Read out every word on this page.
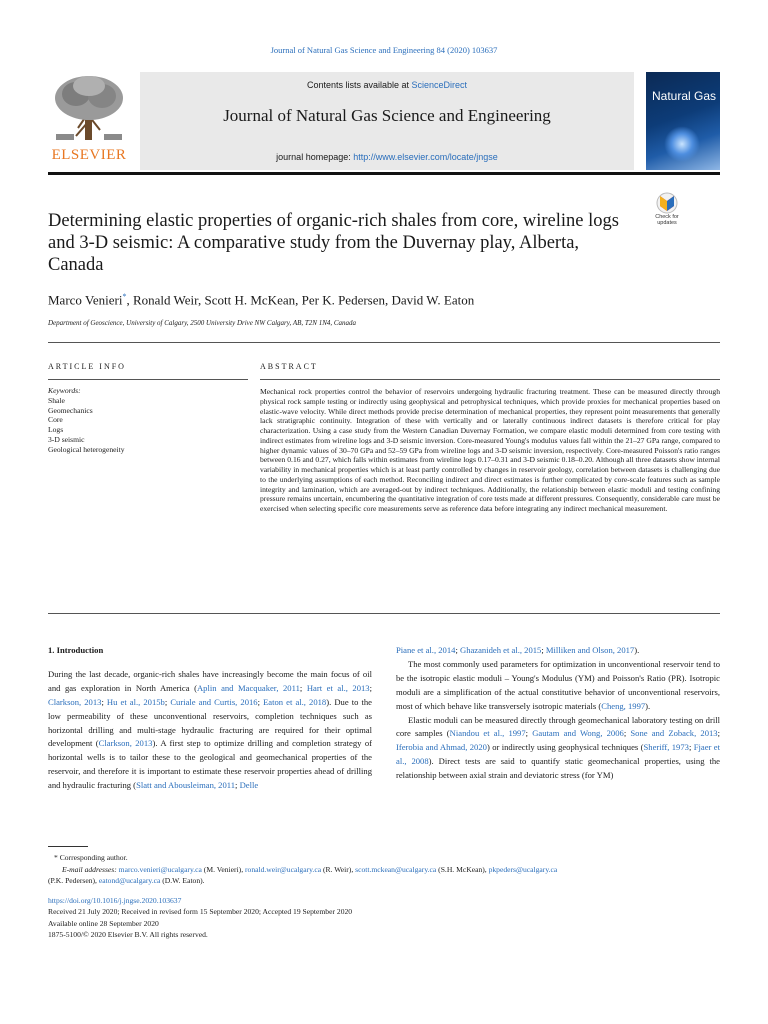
Journal of Natural Gas Science and Engineering 84 (2020) 103637
ELSEVIER
Contents lists available at ScienceDirect
Journal of Natural Gas Science and Engineering
journal homepage: http://www.elsevier.com/locate/jngse
Natural Gas
Check for
updates
Determining elastic properties of organic-rich shales from core, wireline logs and 3-D seismic: A comparative study from the Duvernay play, Alberta, Canada
Marco Venieri*, Ronald Weir, Scott H. McKean, Per K. Pedersen, David W. Eaton
Department of Geoscience, University of Calgary, 2500 University Drive NW Calgary, AB, T2N 1N4, Canada
ARTICLE INFO	ABSTRACT
Keywords:
Shale
Geomechanics
Core
Logs
3-D seismic
Geological heterogeneity
Mechanical rock properties control the behavior of reservoirs undergoing hydraulic fracturing treatment. These can be measured directly through physical rock sample testing or indirectly using geophysical and petrophysical techniques, which provide proxies for mechanical properties based on elastic-wave velocity. While direct methods provide precise determination of mechanical properties, they represent point measurements that generally lack stratigraphic continuity. Integration of these with vertically and or laterally continuous indirect datasets is therefore critical for play characterization. Using a case study from the Western Canadian Duvernay Formation, we compare elastic moduli determined from core testing with indirect estimates from wireline logs and 3-D seismic inversion. Core-measured Young's modulus values fall within the 21–27 GPa range, compared to higher dynamic values of 30–70 GPa and 52–59 GPa from wireline logs and 3-D seismic inversion, respectively. Core-measured Poisson's ratio ranges between 0.16 and 0.27, which falls within estimates from wireline logs 0.17–0.31 and 3-D seismic 0.18–0.20. Although all three datasets show internal variability in mechanical properties which is at least partly controlled by changes in reservoir geology, correlation between datasets is challenging due to the underlying assumptions of each method. Reconciling indirect and direct estimates is further complicated by core-scale features such as sample integrity and lamination, which are averaged-out by indirect techniques. Additionally, the relationship between elastic moduli and testing confining pressure remains uncertain, encumbering the quantitative integration of core tests made at different pressures. Consequently, considerable care must be exercised when selecting specific core measurements serve as reference data before integrating any indirect mechanical measurement.

1. Introduction

During the last decade, organic-rich shales have increasingly become the main focus of oil and gas exploration in North America (Aplin and Macquaker, 2011; Hart et al., 2013; Clarkson, 2013; Hu et al., 2015b; Curiale and Curtis, 2016; Eaton et al., 2018). Due to the low permeability of these unconventional reservoirs, completion techniques such as horizontal drilling and multi-stage hydraulic fracturing are required for their optimal development (Clarkson, 2013). A first step to optimize drilling and completion strategy of horizontal wells is to tailor these to the geological and geomechanical properties of the reservoir, and therefore it is important to estimate these reservoir properties ahead of drilling and hydraulic fracturing (Slatt and Abousleiman, 2011; Delle

Piane et al., 2014; Ghazanideh et al., 2015; Milliken and Olson, 2017).

The most commonly used parameters for optimization in unconventional reservoir tend to be the isotropic elastic moduli – Young's Modulus (YM) and Poisson's Ratio (PR). Isotropic moduli are a simplification of the actual constitutive behavior of unconventional reservoirs, most of which behave like transversely isotropic materials (Cheng, 1997).

Elastic moduli can be measured directly through geomechanical laboratory testing on drill core samples (Niandou et al., 1997; Gautam and Wong, 2006; Sone and Zoback, 2013; Iferobia and Ahmad, 2020) or indirectly using geophysical techniques (Sheriff, 1973; Fjaer et al., 2008). Direct tests are said to quantify static geomechanical properties, using the relationship between axial strain and deviatoric stress (for YM)

* Corresponding author.
E-mail addresses: marco.venieri@ucalgary.ca (M. Venieri), ronald.weir@ucalgary.ca (R. Weir), scott.mckean@ucalgary.ca (S.H. McKean), pkpeders@ucalgary.ca
(P.K. Pedersen), eatond@ucalgary.ca (D.W. Eaton).
https://doi.org/10.1016/j.jngse.2020.103637
Received 21 July 2020; Received in revised form 15 September 2020; Accepted 19 September 2020
Available online 28 September 2020
1875-5100/© 2020 Elsevier B.V. All rights reserved.
